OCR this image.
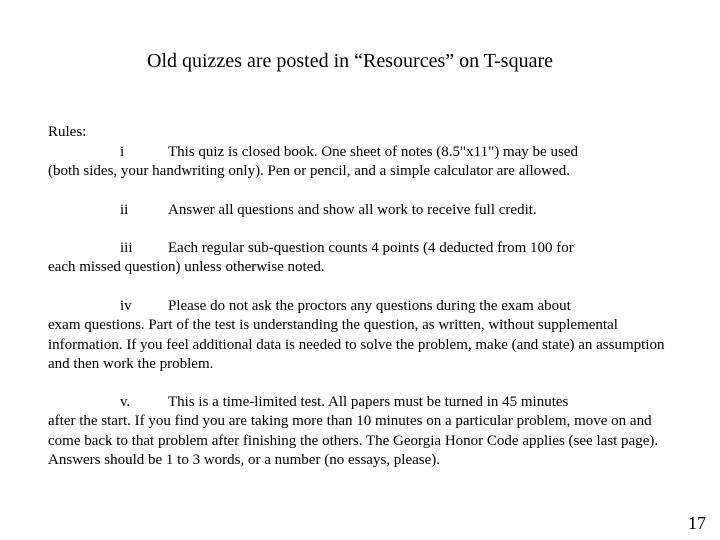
Old quizzes are posted in “Resources” on T-square
Rules:
i	This quiz is closed book. One sheet of notes (8.5"x11") may be used
(both sides, your handwriting only). Pen or pencil, and a simple calculator are allowed.
ii	Answer all questions and show all work to receive full credit.
iii Each regular sub-question counts 4 points (4 deducted from 100 for
each missed question) unless otherwise noted.
iv Please do not ask the proctors any questions during the exam about
exam questions. Part of the test is understanding the question, as written, without supplemental information. If you feel additional data is needed to solve the problem, make (and state) an assumption and then work the problem.
v.	This is a time-limited test. All papers must be turned in 45 minutes
after the start. If you find you are taking more than 10 minutes on a particular problem, move on and come back to that problem after finishing the others. The Georgia Honor Code applies (see last page). Answers should be 1 to 3 words, or a number (no essays, please).
17
